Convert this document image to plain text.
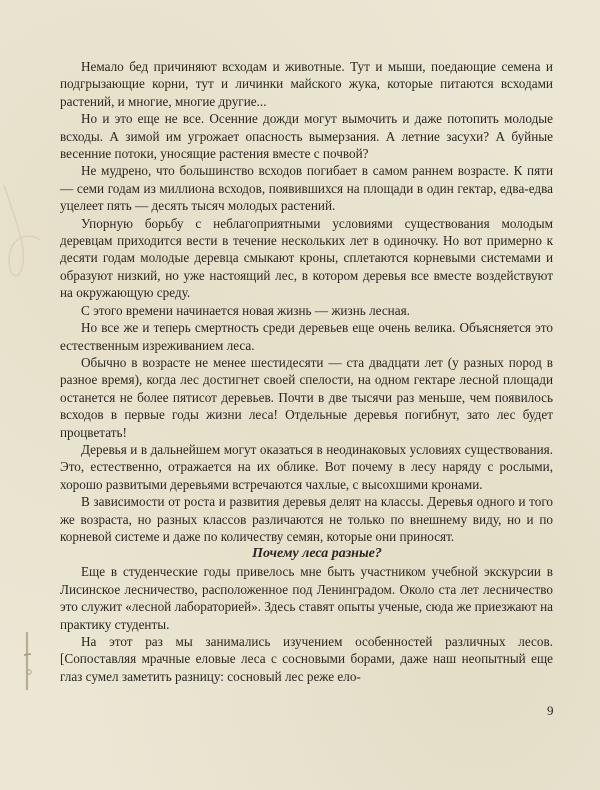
Немало бед причиняют всходам и животные. Тут и мыши, поедающие семена и подгрызающие корни, тут и личинки майского жука, которые питаются всходами растений, и многие, многие другие...

Но и это еще не все. Осенние дожди могут вымочить и даже потопить молодые всходы. А зимой им угрожает опасность вымерзания. А летние засухи? А буйные весенние потоки, уносящие растения вместе с почвой?

Не мудрено, что большинство всходов погибает в самом раннем возрасте. К пяти — семи годам из миллиона всходов, появившихся на площади в один гектар, едва-едва уцелеет пять — десять тысяч молодых растений.

Упорную борьбу с неблагоприятными условиями существования молодым деревцам приходится вести в течение нескольких лет в одиночку. Но вот примерно к десяти годам молодые деревца смыкают кроны, сплетаются корневыми системами и образуют низкий, но уже настоящий лес, в котором деревья все вместе воздействуют на окружающую среду.

С этого времени начинается новая жизнь — жизнь лесная.

Но все же и теперь смертность среди деревьев еще очень велика. Объясняется это естественным изреживанием леса.

Обычно в возрасте не менее шестидесяти — ста двадцати лет (у разных пород в разное время), когда лес достигнет своей спелости, на одном гектаре лесной площади останется не более пятисот деревьев. Почти в две тысячи раз меньше, чем появилось всходов в первые годы жизни леса! Отдельные деревья погибнут, зато лес будет процветать!

Деревья и в дальнейшем могут оказаться в неодинаковых условиях существования. Это, естественно, отражается на их облике. Вот почему в лесу наряду с рослыми, хорошо развитыми деревьями встречаются чахлые, с высохшими кронами.

В зависимости от роста и развития деревья делят на классы. Деревья одного и того же возраста, но разных классов различаются не только по внешнему виду, но и по корневой системе и даже по количеству семян, которые они приносят.

Почему леса разные?

Еще в студенческие годы привелось мне быть участником учебной экскурсии в Лисинское лесничество, расположенное под Ленинградом. Около ста лет лесничество это служит «лесной лабораторией». Здесь ставят опыты ученые, сюда же приезжают на практику студенты.

На этот раз мы занимались изучением особенностей различных лесов. [Сопоставляя мрачные еловые леса с сосновыми борами, даже наш неопытный еще глаз сумел заметить разницу: сосновый лес реже ело-

9
